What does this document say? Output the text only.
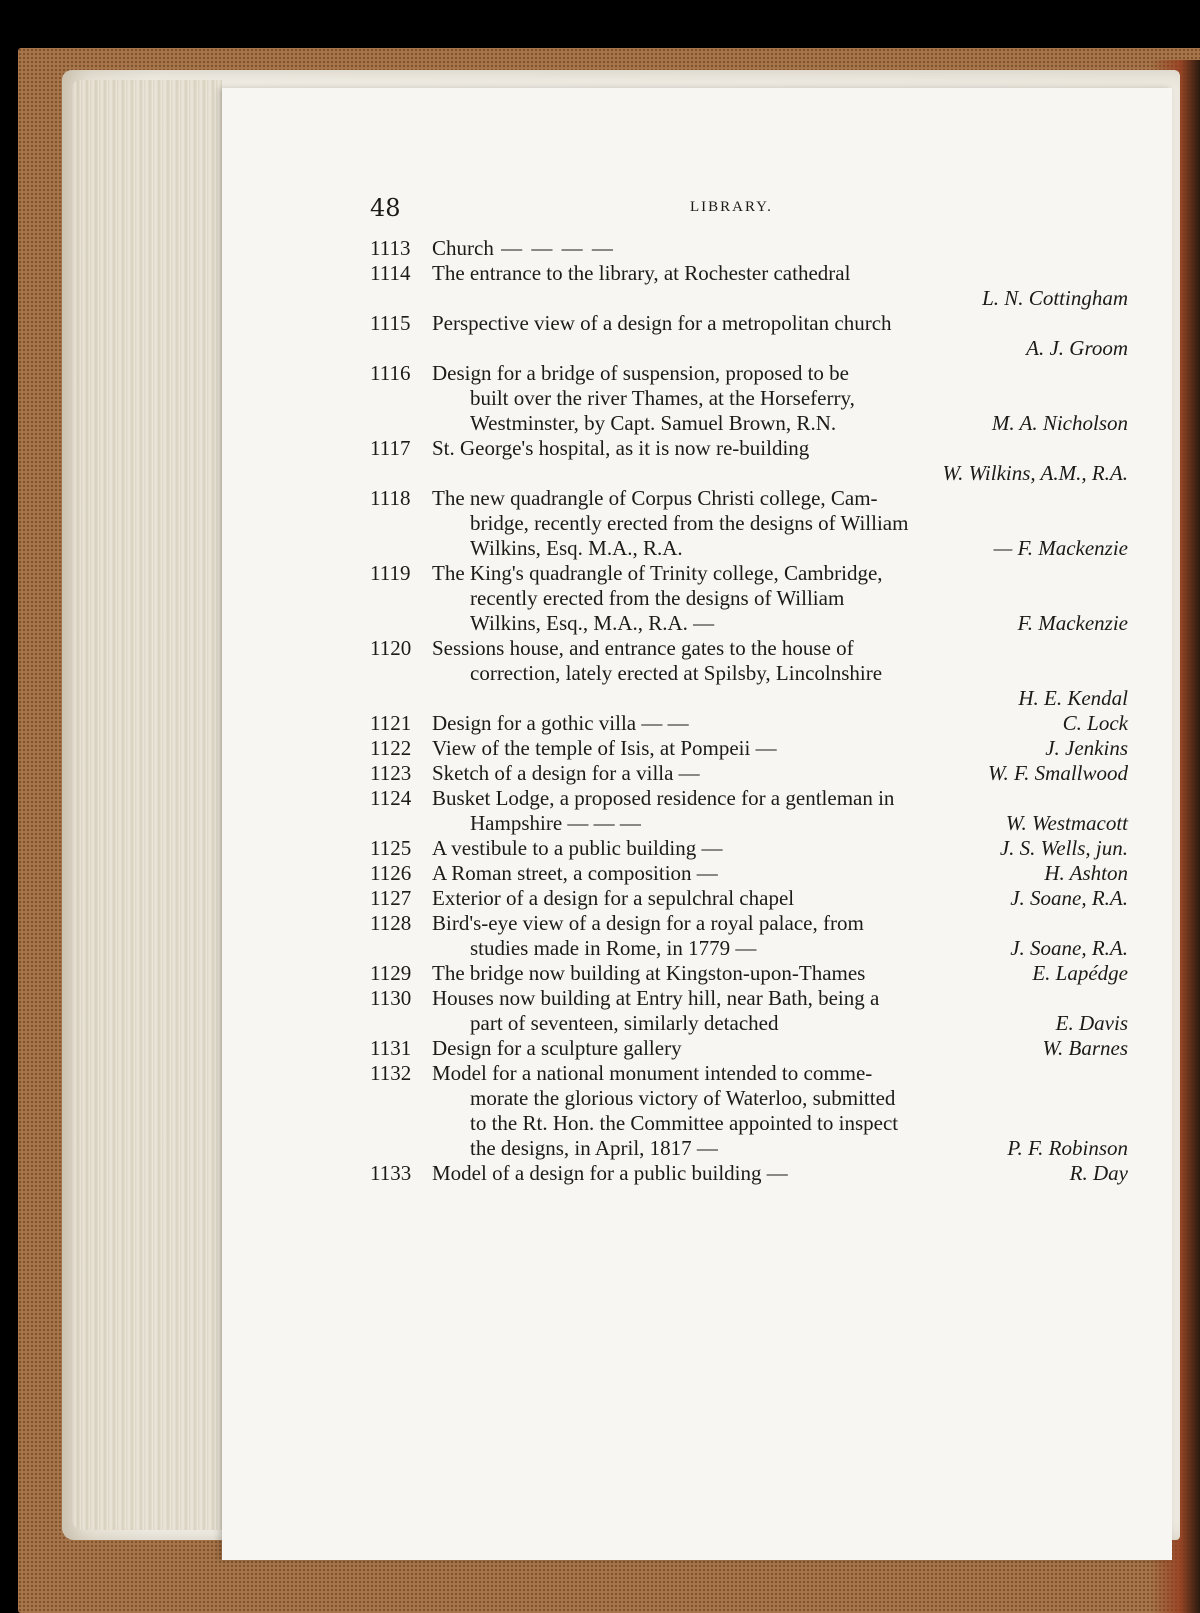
48	LIBRARY.
1113 Church — — — —
1114 The entrance to the library, at Rochester cathedral
L. N. Cottingham
1115 Perspective view of a design for a metropolitan church
A. J. Groom
1116 Design for a bridge of suspension, proposed to be
built over the river Thames, at the Horseferry,
Westminster, by Capt. Samuel Brown, R.N.	M. A. Nicholson
1117 St. George's hospital, as it is now re-building
W. Wilkins, A.M., R.A.
1118 The new quadrangle of Corpus Christi college, Cam-
bridge, recently erected from the designs of William
Wilkins, Esq. M.A., R.A.	— F. Mackenzie
1119 The King's quadrangle of Trinity college, Cambridge,
recently erected from the designs of William
Wilkins, Esq., M.A., R.A. —	F. Mackenzie
1120 Sessions house, and entrance gates to the house of
correction, lately erected at Spilsby, Lincolnshire
H. E. Kendal
1121 Design for a gothic villa — —	C. Lock
1122 View of the temple of Isis, at Pompeii —	J. Jenkins
1123 Sketch of a design for a villa —	W. F. Smallwood
1124 Busket Lodge, a proposed residence for a gentleman in
Hampshire — — —	W. Westmacott
1125 A vestibule to a public building —	J. S. Wells, jun.
1126 A Roman street, a composition —	H. Ashton
1127 Exterior of a design for a sepulchral chapel	J. Soane, R.A.
1128 Bird's-eye view of a design for a royal palace, from
studies made in Rome, in 1779 —	J. Soane, R.A.
1129 The bridge now building at Kingston-upon-Thames	E. Lapédge
1130 Houses now building at Entry hill, near Bath, being a
part of seventeen, similarly detached	E. Davis
1131 Design for a sculpture gallery	W. Barnes
1132 Model for a national monument intended to comme-
morate the glorious victory of Waterloo, submitted
to the Rt. Hon. the Committee appointed to inspect
the designs, in April, 1817 —	P. F. Robinson
1133 Model of a design for a public building —	R. Day
